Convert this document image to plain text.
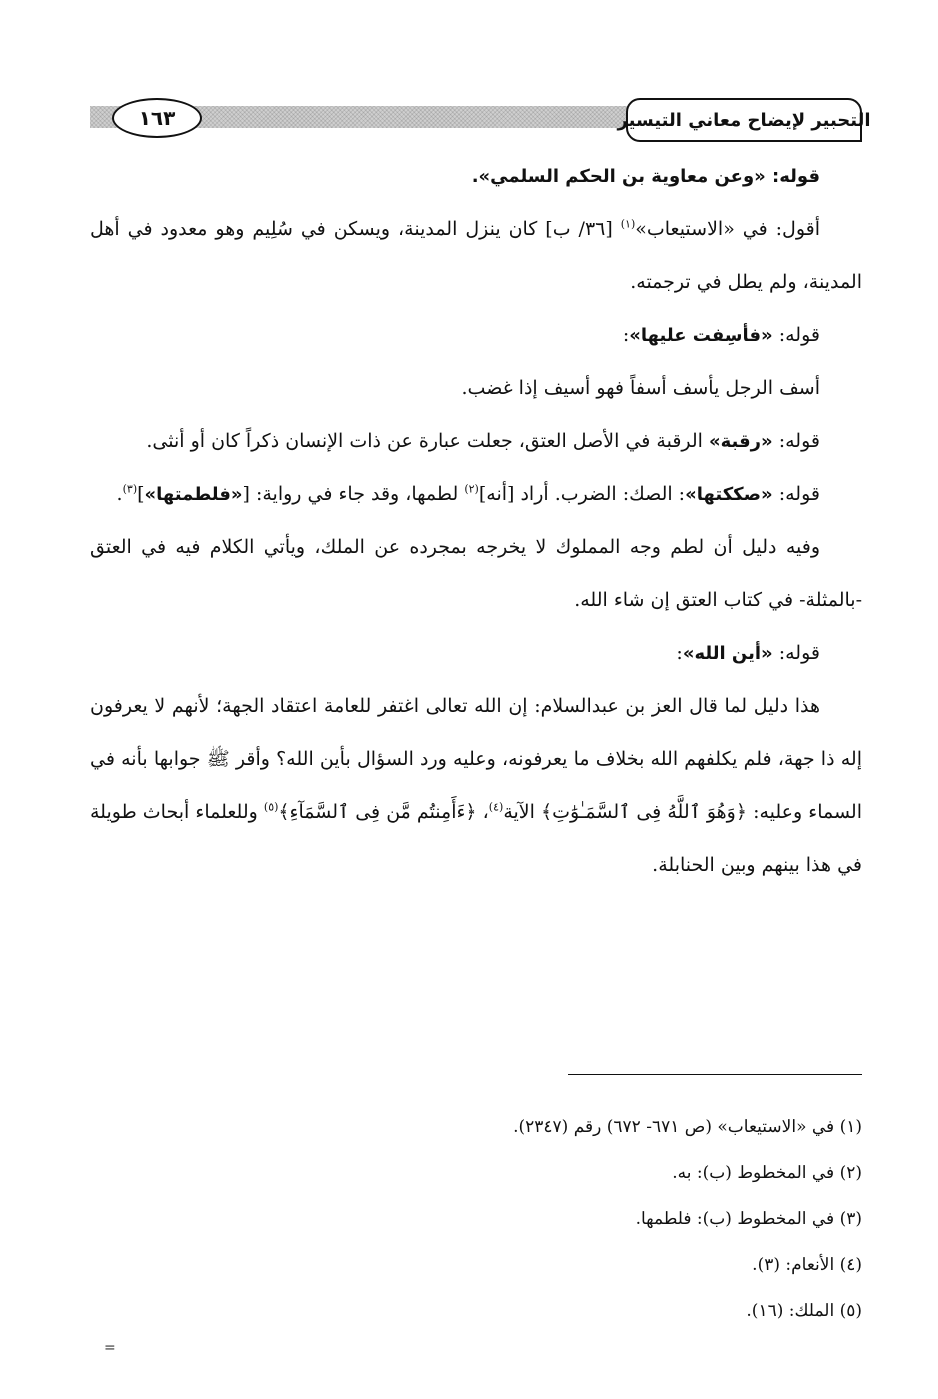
١٦٣	التحبير لإيضاح معاني التيسير

قوله: «وعن معاوية بن الحكم السلمي».

أقول: في «الاستيعاب»$^{(١)}$ [٣٦/ ب] كان ينزل المدينة، ويسكن في سُلِيم وهو معدود في أهل المدينة، ولم يطل في ترجمته.

قوله: «فأسِفت عليها»:

أسف الرجل يأسف أسفاً فهو أسيف إذا غضب.

قوله: «رقبة» الرقبة في الأصل العتق، جعلت عبارة عن ذات الإنسان ذكراً كان أو أنثى.

قوله: «صككتها»: الصك: الضرب. أراد [أنه]$^{(٢)}$ لطمها، وقد جاء في رواية: [«فلطمتها»]$^{(٣)}$.

وفيه دليل أن لطم وجه المملوك لا يخرجه بمجرده عن الملك، ويأتي الكلام فيه في العتق -بالمثلة- في كتاب العتق إن شاء الله.

قوله: «أين الله»:

هذا دليل لما قال العز بن عبدالسلام: إن الله تعالى اغتفر للعامة اعتقاد الجهة؛ لأنهم لا يعرفون إله ذا جهة، فلم يكلفهم الله بخلاف ما يعرفونه، وعليه ورد السؤال بأين الله؟ وأقر ﷺ جوابها بأنه في السماء وعليه: ﴿وَهُوَ ٱللَّهُ فِى ٱلسَّمَـٰوَٰتِ﴾ الآية$^{(٤)}$، ﴿ءَأَمِنتُم مَّن فِى ٱلسَّمَآءِ﴾$^{(٥)}$ وللعلماء أبحاث طويلة في هذا بينهم وبين الحنابلة.

(١) في «الاستيعاب» (ص ٦٧١- ٦٧٢) رقم (٢٣٤٧).

(٢) في المخطوط (ب): به.

(٣) في المخطوط (ب): فلطمها.

(٤) الأنعام: (٣).

(٥) الملك: (١٦).

=
